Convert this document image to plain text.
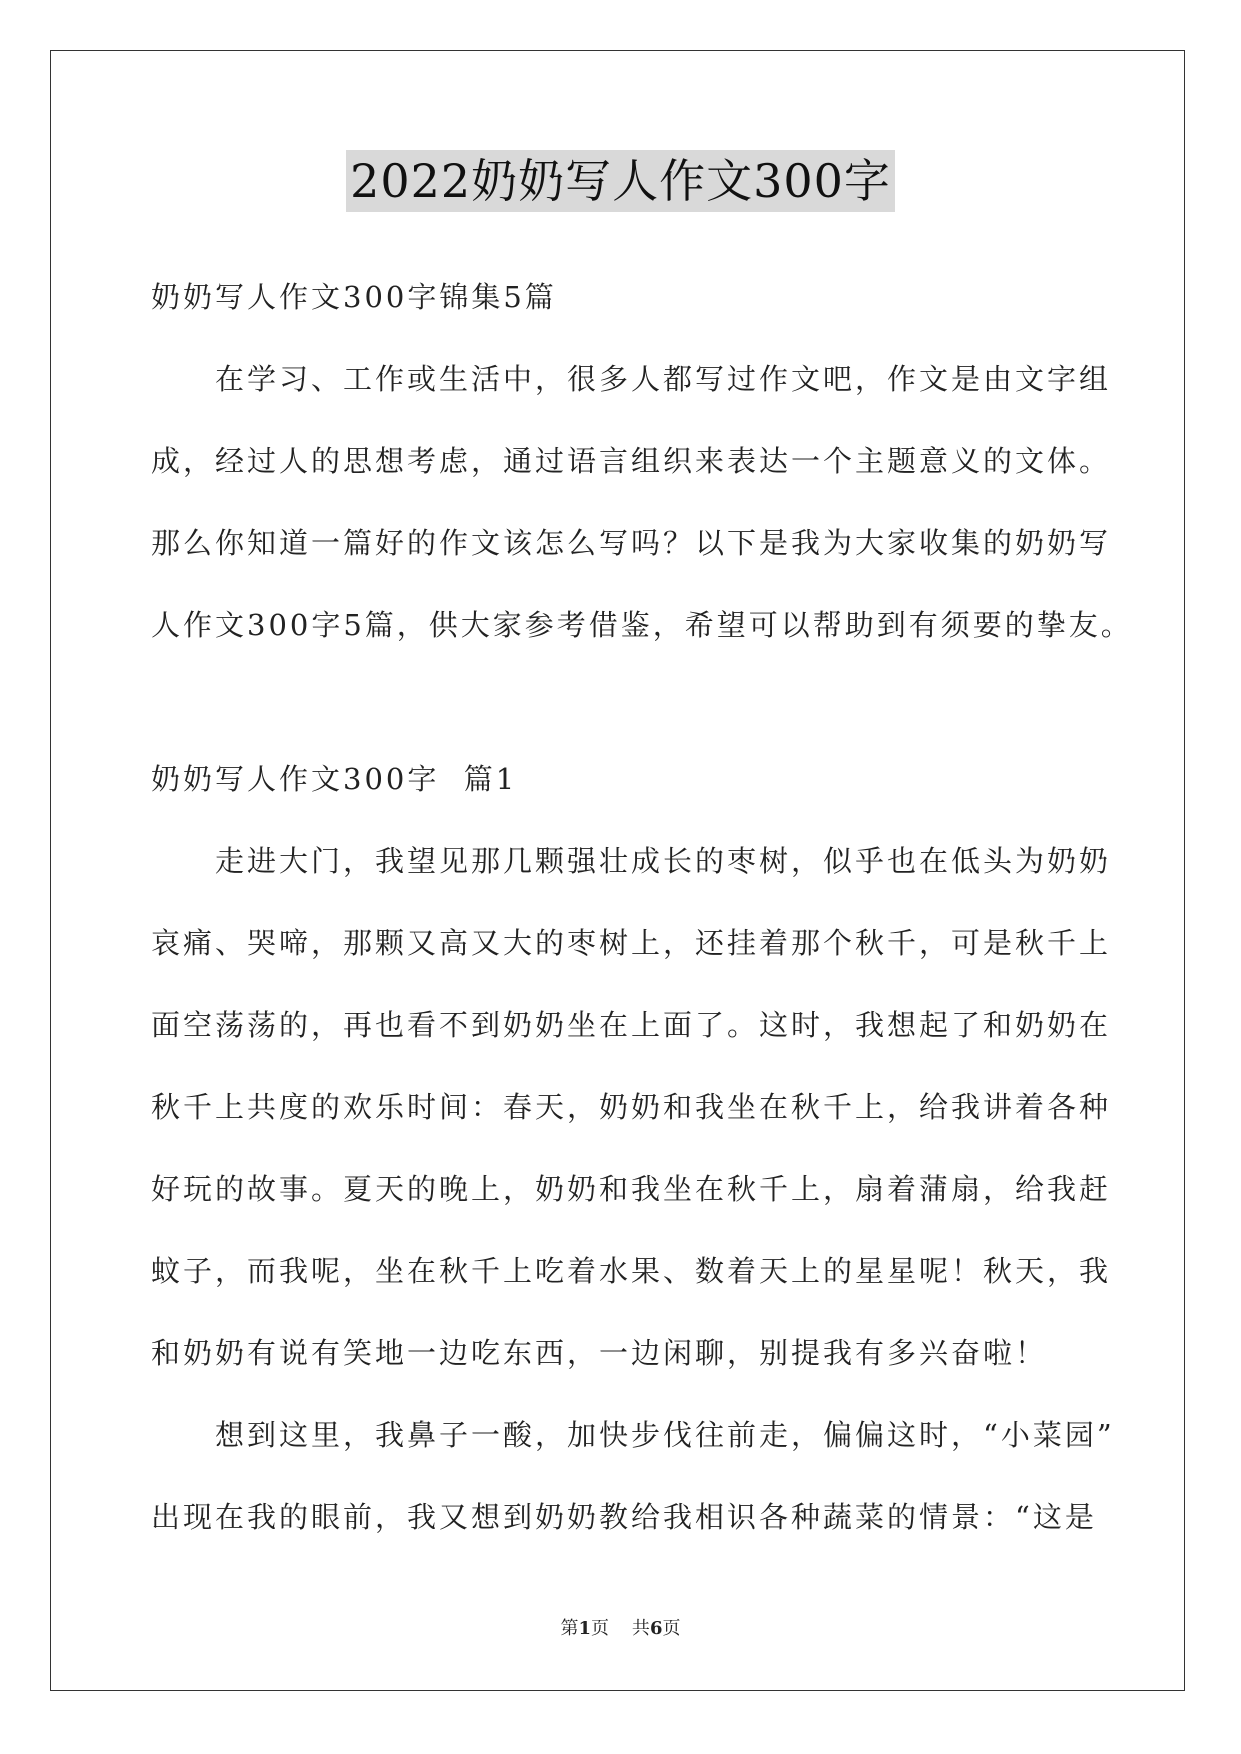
2022奶奶写人作文300字
奶奶写人作文300字锦集5篇
在学习、工作或生活中，很多人都写过作文吧，作文是由文字组
成，经过人的思想考虑，通过语言组织来表达一个主题意义的文体。
那么你知道一篇好的作文该怎么写吗？以下是我为大家收集的奶奶写
人作文300字5篇，供大家参考借鉴，希望可以帮助到有须要的挚友。
奶奶写人作文300字  篇1
走进大门，我望见那几颗强壮成长的枣树，似乎也在低头为奶奶
哀痛、哭啼，那颗又高又大的枣树上，还挂着那个秋千，可是秋千上
面空荡荡的，再也看不到奶奶坐在上面了。这时，我想起了和奶奶在
秋千上共度的欢乐时间：春天，奶奶和我坐在秋千上，给我讲着各种
好玩的故事。夏天的晚上，奶奶和我坐在秋千上，扇着蒲扇，给我赶
蚊子，而我呢，坐在秋千上吃着水果、数着天上的星星呢！秋天，我
和奶奶有说有笑地一边吃东西，一边闲聊，别提我有多兴奋啦！
想到这里，我鼻子一酸，加快步伐往前走，偏偏这时，“小菜园”
出现在我的眼前，我又想到奶奶教给我相识各种蔬菜的情景：“这是
第1页    共6页
